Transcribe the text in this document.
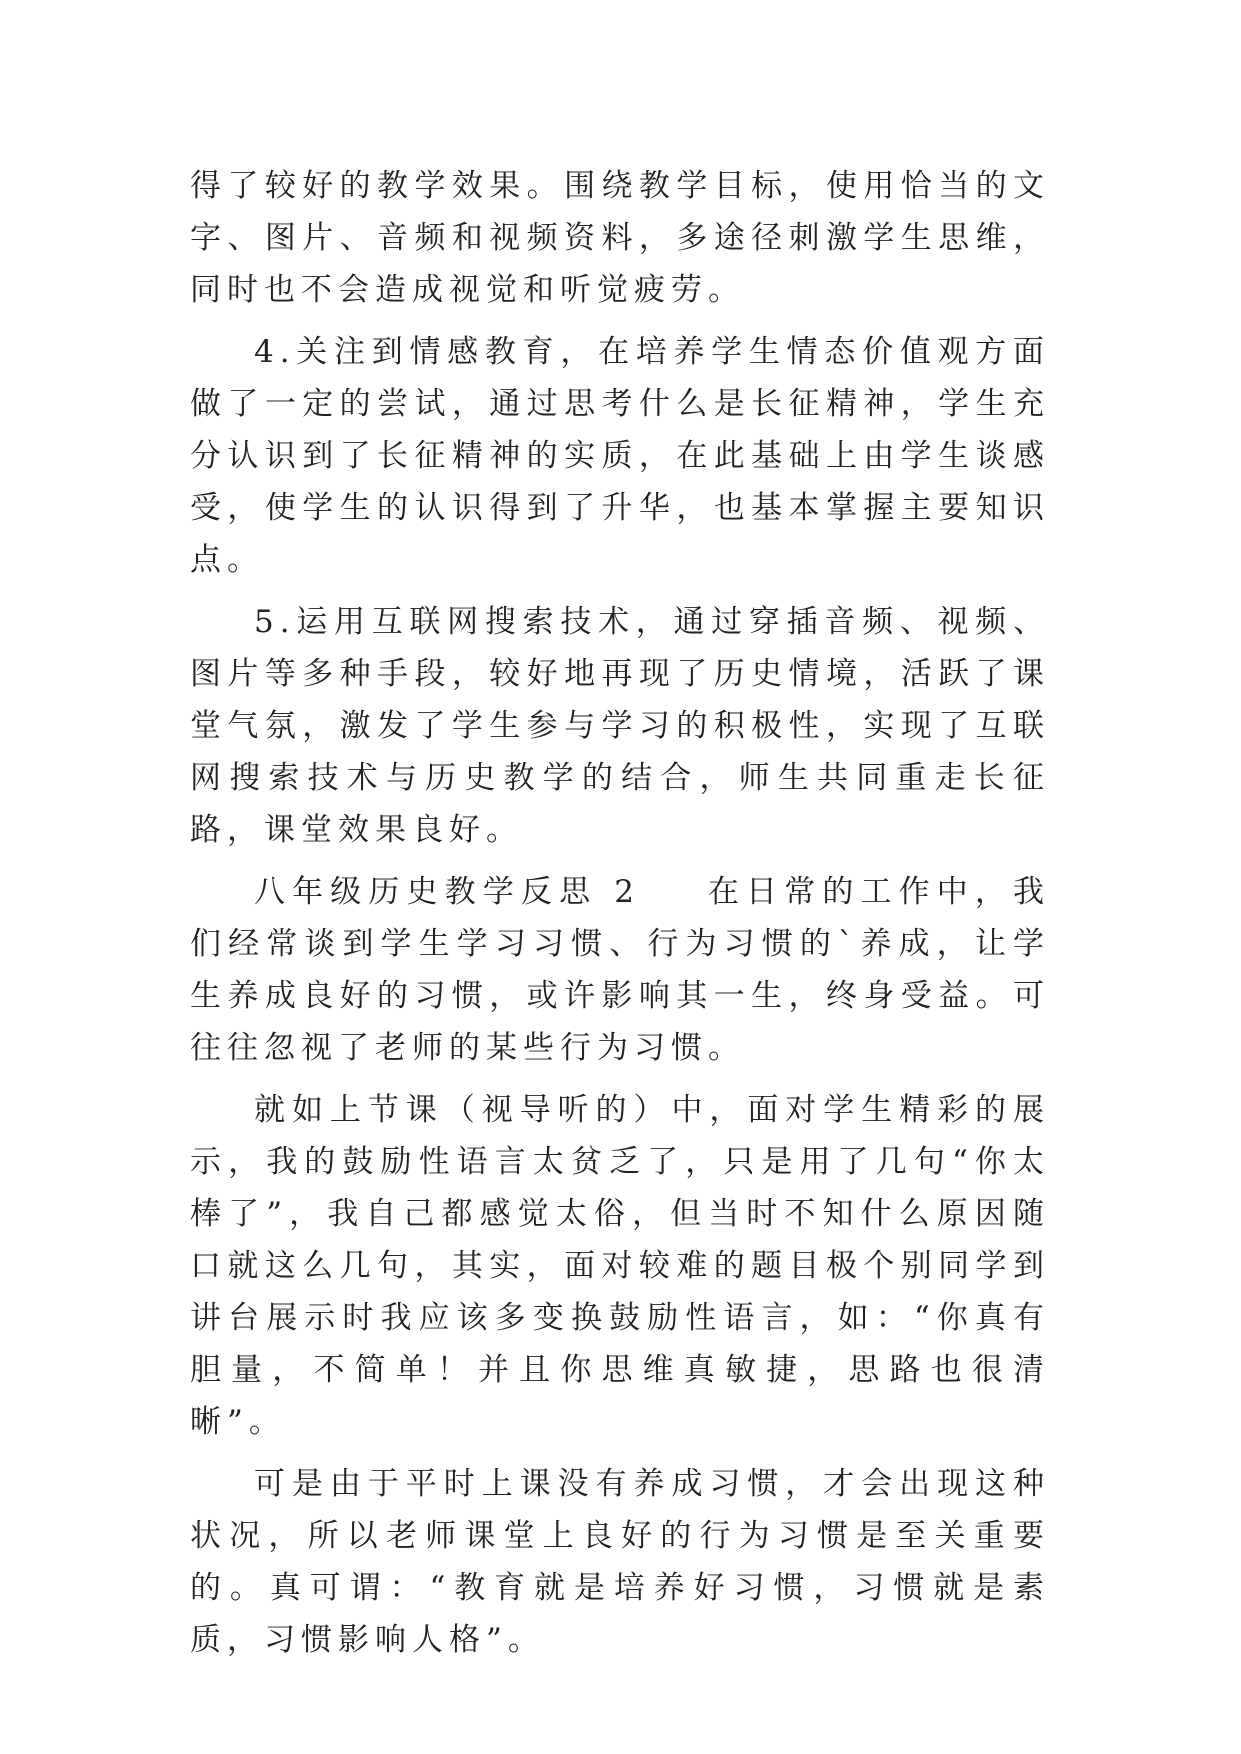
得了较好的教学效果。围绕教学目标，使用恰当的文字、图片、音频和视频资料，多途径刺激学生思维，同时也不会造成视觉和听觉疲劳。

4.关注到情感教育，在培养学生情态价值观方面做了一定的尝试，通过思考什么是长征精神，学生充分认识到了长征精神的实质，在此基础上由学生谈感受，使学生的认识得到了升华，也基本掌握主要知识点。

5.运用互联网搜索技术，通过穿插音频、视频、图片等多种手段，较好地再现了历史情境，活跃了课堂气氛，激发了学生参与学习的积极性，实现了互联网搜索技术与历史教学的结合，师生共同重走长征路，课堂效果良好。

八年级历史教学反思 2 在日常的工作中，我们经常谈到学生学习习惯、行为习惯的`养成，让学生养成良好的习惯，或许影响其一生，终身受益。可往往忽视了老师的某些行为习惯。

就如上节课（视导听的）中，面对学生精彩的展示，我的鼓励性语言太贫乏了，只是用了几句“你太棒了”，我自己都感觉太俗，但当时不知什么原因随口就这么几句，其实，面对较难的题目极个别同学到讲台展示时我应该多变换鼓励性语言，如：“你真有胆量，不简单！并且你思维真敏捷，思路也很清晰”。

可是由于平时上课没有养成习惯，才会出现这种状况，所以老师课堂上良好的行为习惯是至关重要的。真可谓：“教育就是培养好习惯，习惯就是素质，习惯影响人格”。
